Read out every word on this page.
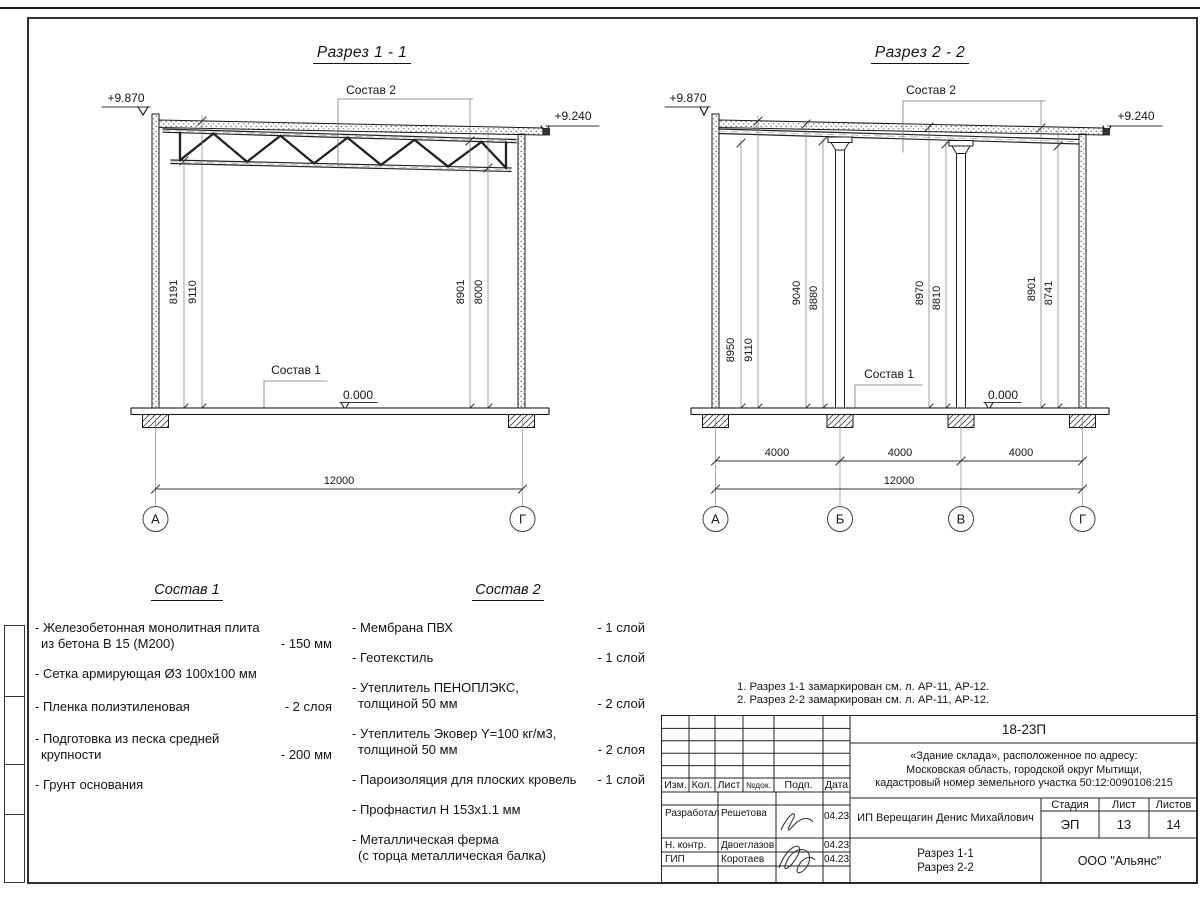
+9.870
+9.240
Состав 2
8191 9110	8901 8000
Состав 1
0.000
12000
А	Г
+9.870
+9.240
Состав 2
8950 9110
9040 8880	8970 8810	8901 8741
Состав 1
0.000
4000	4000	4000
12000
А	Б	В	Г
Разрез 1 - 1	Разрез 2 - 2
Состав 1	Состав 2
- Железобетонная монолитная плита
из бетона В 15 (М200)	- 150 мм
- Сетка армирующая Ø3 100х100 мм
- Пленка полиэтиленовая	- 2 слоя
- Подготовка из песка средней
крупности	- 200 мм
- Грунт основания
- Мембрана ПВХ	- 1 слой
- Геотекстиль	- 1 слой
- Утеплитель ПЕНОПЛЭКС,
толщиной 50 мм	- 2 слой
- Утеплитель Эковер Y=100 кг/м3,
толщиной 50 мм	- 2 слоя
- Пароизоляция для плоских кровель	- 1 слой
- Профнастил Н 153х1.1 мм
- Металлическая ферма
(с торца металлическая балка)
1. Разрез 1-1 замаркирован см. л. АР-11, АР-12.
2. Разрез 2-2 замаркирован см. л. АР-11, АР-12.
Изм. Кол. Лист №док.	Подп.	Дата
Разработал Решетова	04.23
Н. контр.	Двоеглазов	04.23
ГИП	Коротаев	04.23
18-23П
«Здание склада», расположенное по адресу:
Московская область, городской округ Мытищи,
кадастровый номер земельного участка 50:12:0090106:215
ИП Верещагин Денис Михайлович
Разрез 1-1
Разрез 2-2
Стадия	Лист	Листов
ЭП	13	14
ООО "Альянс"
